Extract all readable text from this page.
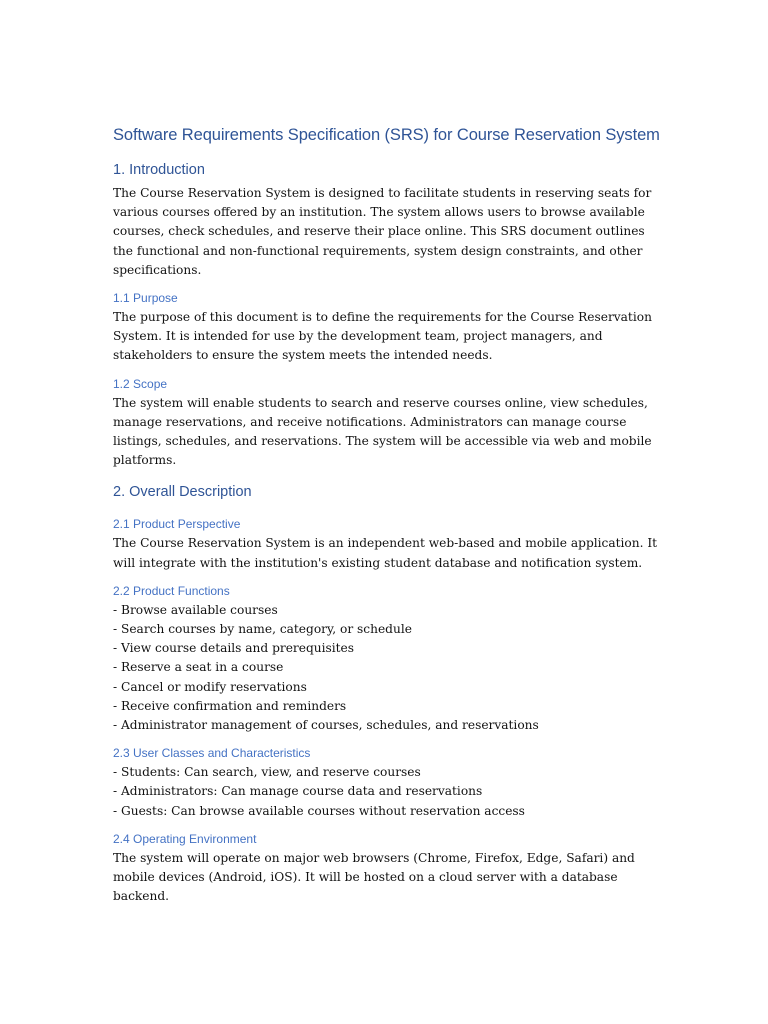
Software Requirements Specification (SRS) for Course Reservation System
1. Introduction

The Course Reservation System is designed to facilitate students in reserving seats for various courses offered by an institution. The system allows users to browse available courses, check schedules, and reserve their place online. This SRS document outlines the functional and non-functional requirements, system design constraints, and other specifications.

1.1 Purpose

The purpose of this document is to define the requirements for the Course Reservation System. It is intended for use by the development team, project managers, and stakeholders to ensure the system meets the intended needs.

1.2 Scope

The system will enable students to search and reserve courses online, view schedules, manage reservations, and receive notifications. Administrators can manage course listings, schedules, and reservations. The system will be accessible via web and mobile platforms.

2. Overall Description
2.1 Product Perspective

The Course Reservation System is an independent web-based and mobile application. It will integrate with the institution's existing student database and notification system.

2.2 Product Functions
- Browse available courses
- Search courses by name, category, or schedule
- View course details and prerequisites
- Reserve a seat in a course
- Cancel or modify reservations
- Receive confirmation and reminders
- Administrator management of courses, schedules, and reservations
2.3 User Classes and Characteristics
- Students: Can search, view, and reserve courses
- Administrators: Can manage course data and reservations
- Guests: Can browse available courses without reservation access
2.4 Operating Environment

The system will operate on major web browsers (Chrome, Firefox, Edge, Safari) and mobile devices (Android, iOS). It will be hosted on a cloud server with a database backend.
